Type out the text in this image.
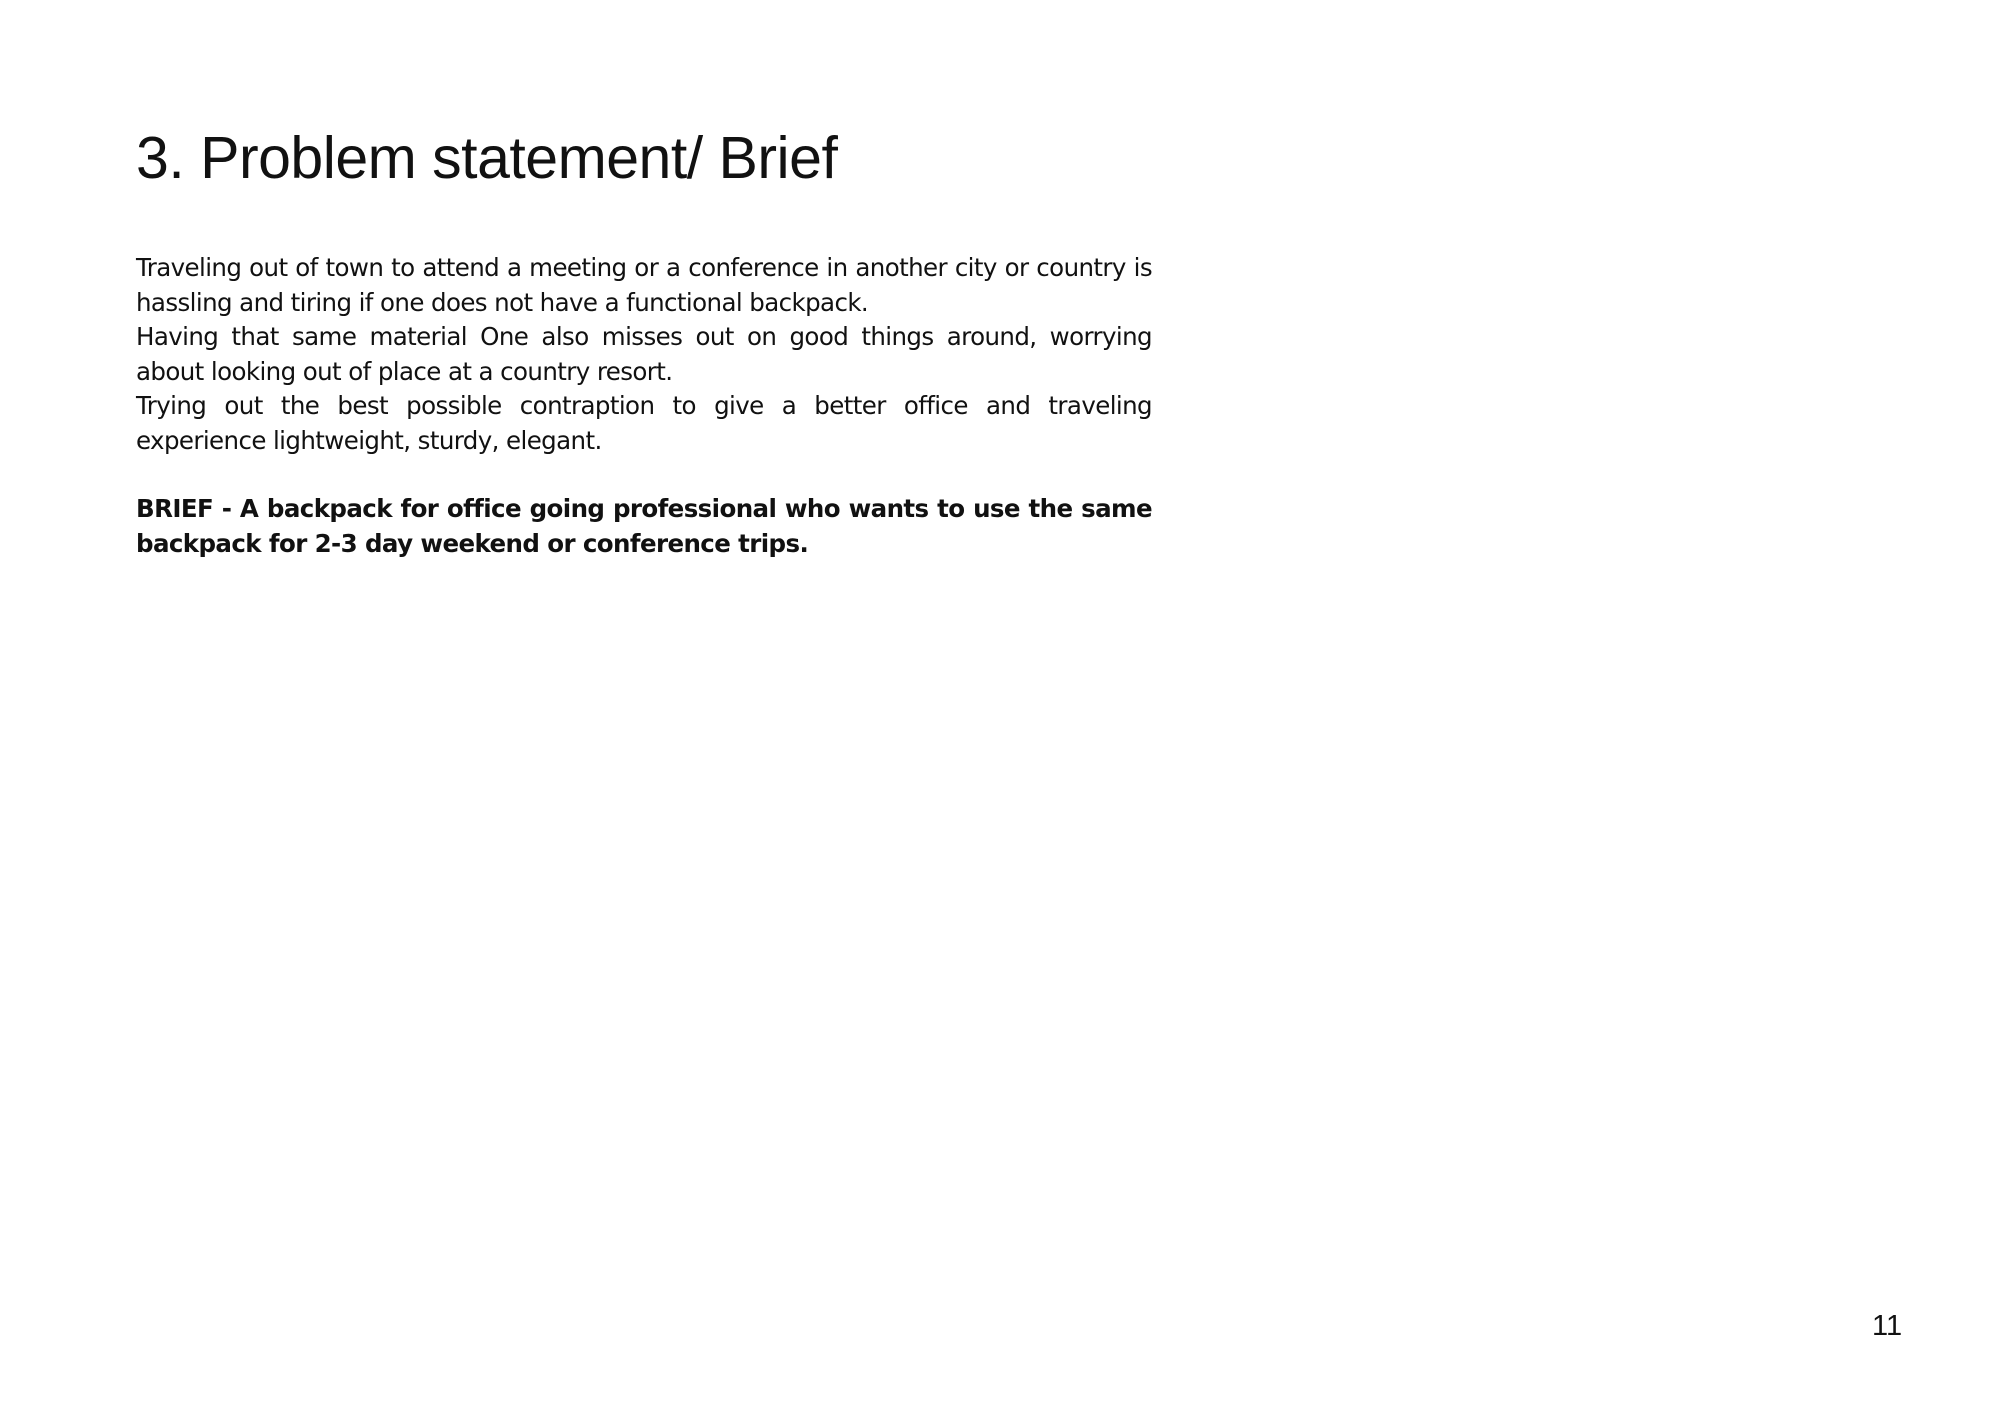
3. Problem statement/ Brief

Traveling out of town to attend a meeting or a conference in another city or country is hassling and tiring if one does not have a functional backpack.

Having that same material One also misses out on good things around, worrying about looking out of place at a country resort.

Trying out the best possible contraption to give a better office and traveling experience lightweight, sturdy, elegant.

BRIEF - A backpack for office going professional who wants to use the same backpack for 2-3 day weekend or conference trips.

11
